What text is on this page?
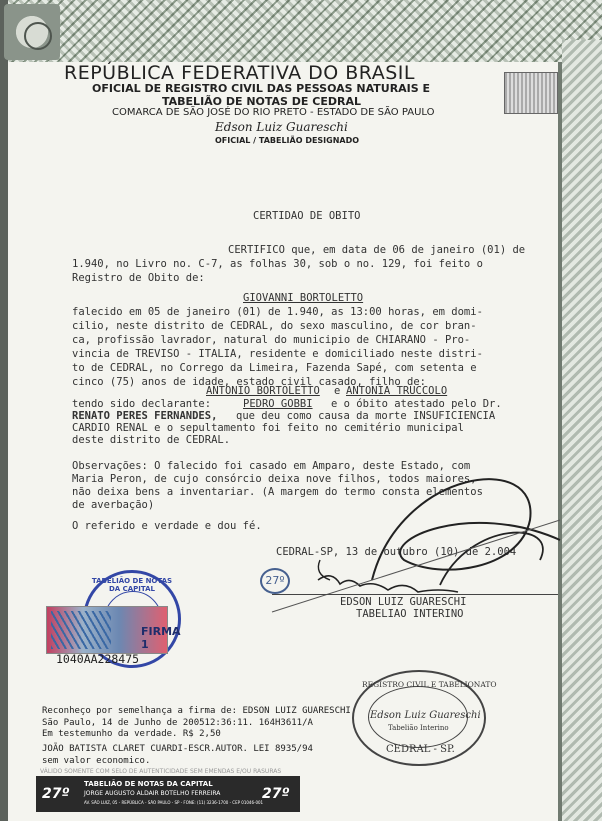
REPÚBLICA FEDERATIVA DO BRASIL
OFICIAL DE REGISTRO CIVIL DAS PESSOAS NATURAIS E
TABELIÃO DE NOTAS DE CEDRAL
COMARCA DE SÃO JOSÉ DO RIO PRETO - ESTADO DE SÃO PAULO
Edson Luiz Guareschi
OFICIAL / TABELIÃO DESIGNADO
CERTIDAO DE OBITO
CERTIFICO que, em data de 06 de janeiro (01) de
1.940, no Livro no. C-7, as folhas 30, sob o no. 129, foi feito o
Registro de Obito de:
GIOVANNI BORTOLETTO
falecido em 05 de janeiro (01) de 1.940, as 13:00 horas, em domi-
cilio, neste distrito de CEDRAL, do sexo masculino, de cor bran-
ca, profissão lavrador, natural do municipio de CHIARANO - Pro-
vincia de TREVISO - ITALIA, residente e domiciliado neste distri-
to de CEDRAL, no Corrego da Limeira, Fazenda Sapé, com setenta e
cinco (75) anos de idade, estado civil casado, filho de:
ANTONIO BORTOLETTO e ANTONIA TRUCCOLO
tendo sido declarante:	PEDRO GOBBI e o óbito atestado pelo Dr.
RENATO PERES FERNANDES, que deu como causa da morte INSUFICIENCIA
CARDIO RENAL e o sepultamento foi feito no cemitério municipal
deste distrito de CEDRAL.
Observações: O falecido foi casado em Amparo, deste Estado, com
Maria Peron, de cujo consórcio deixa nove filhos, todos maiores,
não deixa bens a inventariar. (A margem do termo consta elementos
de averbação)
O referido e verdade e dou fé.
CEDRAL-SP, 13 de outubro (10) de 2.004
27º
EDSON LUIZ GUARESCHI
TABELIAO INTERINO
TABELIÃO DE NOTAS DA CAPITAL
FIRMA 1
1040AA228475
Reconheço por semelhança a firma de: EDSON LUIZ GUARESCHI
São Paulo, 14 de Junho de 200512:36:11. 164H3611/A
Em testemunho da verdade. R$ 2,50
JOÃO BATISTA CLARET CUARDI-ESCR.AUTOR. LEI 8935/94
sem valor economico.
REGISTRO CIVIL E TABELIONATO
Edson Luiz Guareschi
Tabelião Interino
CEDRAL - SP.
VÁLIDO SOMENTE COM SELO DE AUTENTICIDADE SEM EMENDAS E/OU RASURAS
27º	27º
TABELIÃO DE NOTAS DA CAPITAL
JORGE AUGUSTO ALDAIR BOTELHO FERREIRA
AV. SÃO LUIZ, 05 - REPÚBLICA - SÃO PAULO - SP - FONE: (11) 3236-1700 - CEP 01046-001
